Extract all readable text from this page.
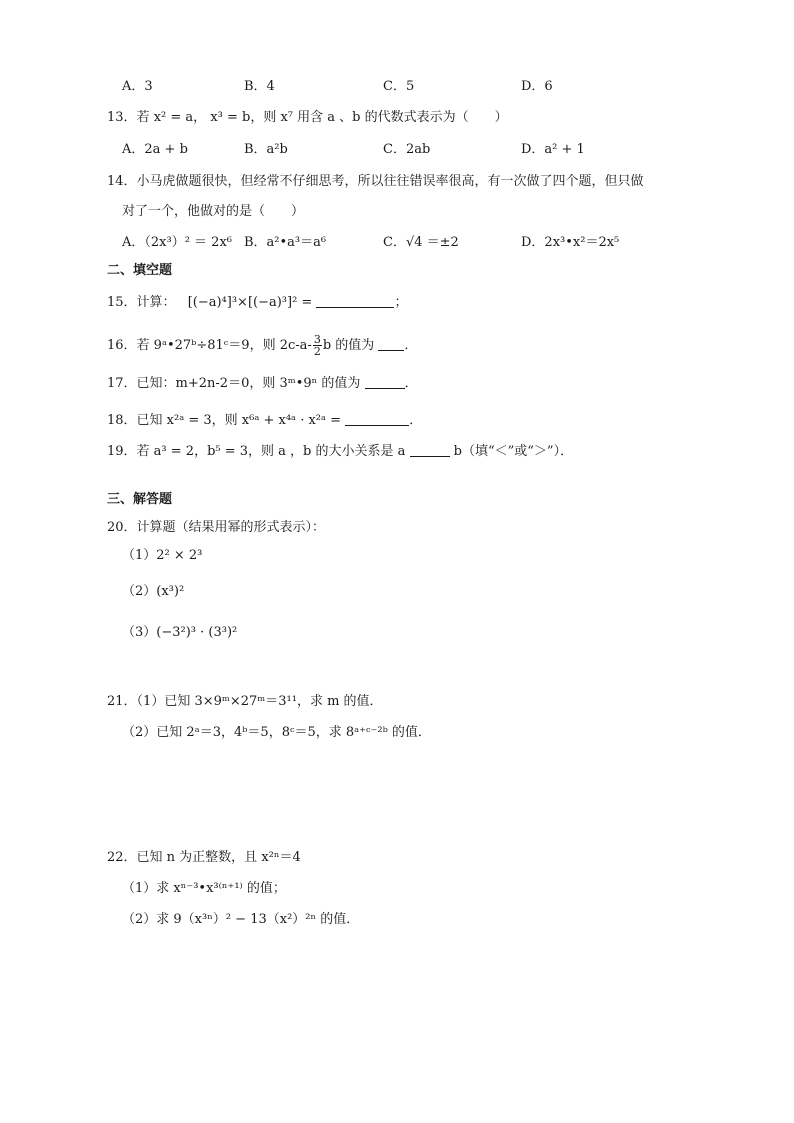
A．3	B．4	C．5	D．6
13．若 x² = a， x³ = b，则 x⁷ 用含 a 、b 的代数式表示为（　　）
A．2a + b	B．a²b	C．2ab	D．a² + 1
14．小马虎做题很快，但经常不仔细思考，所以往往错误率很高，有一次做了四个题，但只做
对了一个，他做对的是（　　）
A．（2x³）² ＝ 2x⁶ B．a²•a³＝a⁶	C．√4 ＝±2	D．2x³•x²＝2x⁵
二、填空题
15．计算： [(−a)⁴]³×[(−a)³]² =	；
16．若 9ᵃ•27ᵇ÷81ᶜ＝9，则 $2c-a- \frac{3}{2}$ b 的值为 ．
17．已知：m+2n-2＝0，则 3ᵐ•9ⁿ 的值为	．
18．已知 x²ᵃ = 3，则 x⁶ᵃ + x⁴ᵃ · x²ᵃ =	．
19．若 a³ = 2，b⁵ = 3，则 a ，b 的大小关系是 a	b（填“＜”或“＞”）．
三、解答题
20．计算题（结果用幂的形式表示）：
（1）2² × 2³
（2）(x³)²
（3）(−3²)³ · (3³)²
21．（1）已知 3×9ᵐ×27ᵐ＝3¹¹，求 m 的值．
（2）已知 2ᵃ＝3，4ᵇ＝5，8ᶜ＝5，求 8ᵃ⁺ᶜ⁻²ᵇ 的值．
22．已知 n 为正整数，且 x²ⁿ＝4
（1）求 xⁿ⁻³•x³⁽ⁿ⁺¹⁾ 的值；
（2）求 9（x³ⁿ）² − 13（x²）²ⁿ 的值．
